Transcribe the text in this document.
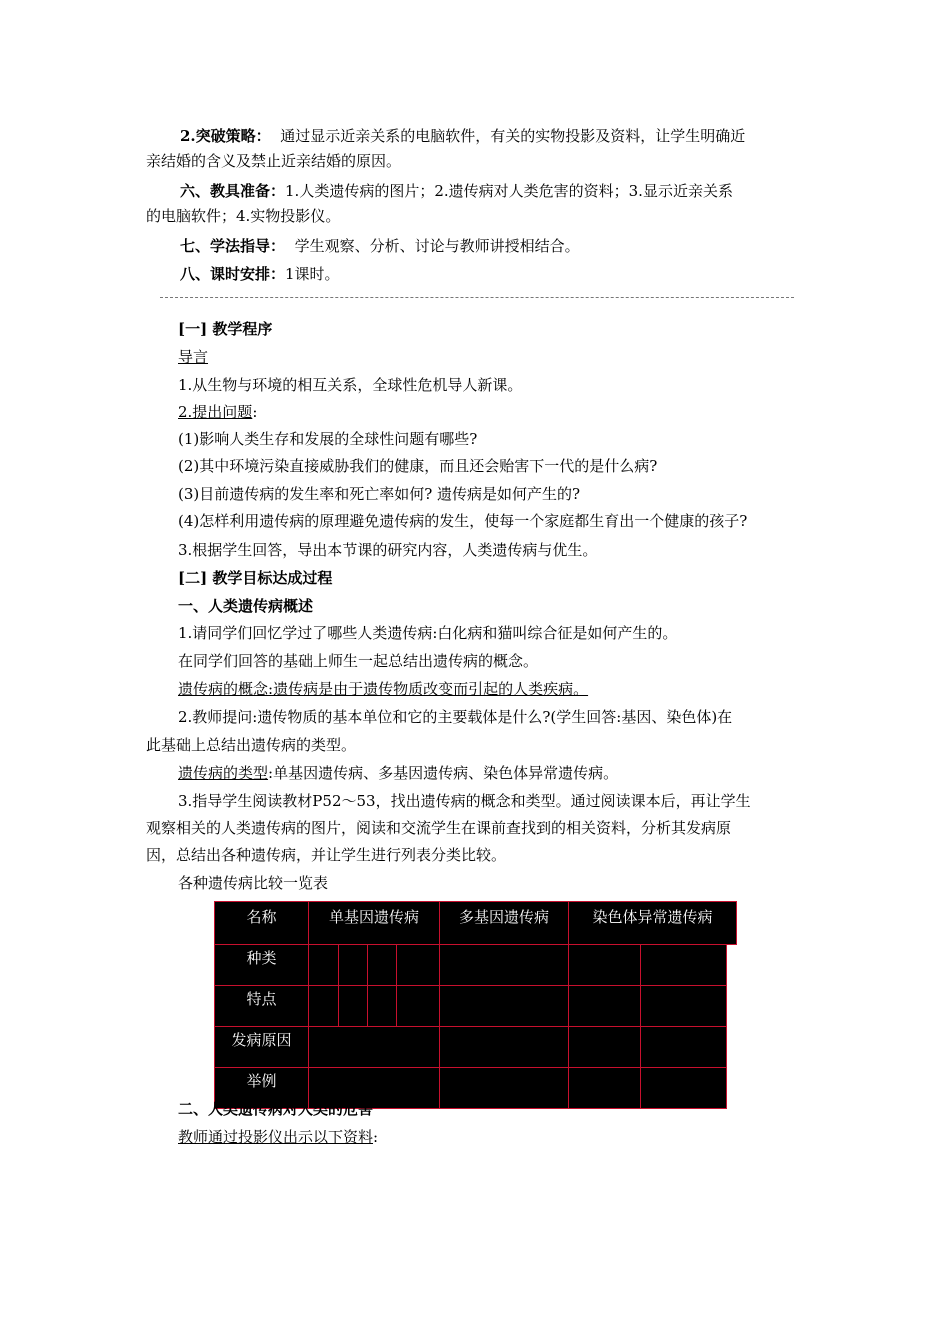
2.突破策略： 通过显示近亲关系的电脑软件，有关的实物投影及资料，让学生明确近
亲结婚的含义及禁止近亲结婚的原因。
六、教具准备：1.人类遗传病的图片；2.遗传病对人类危害的资料；3.显示近亲关系
的电脑软件；4.实物投影仪。
七、学法指导： 学生观察、分析、讨论与教师讲授相结合。
八、课时安排：1课时。
[一] 教学程序
导言
1.从生物与环境的相互关系，全球性危机导人新课。
2.提出问题:
(1)影响人类生存和发展的全球性问题有哪些?
(2)其中环境污染直接威胁我们的健康，而且还会贻害下一代的是什么病?
(3)目前遗传病的发生率和死亡率如何? 遗传病是如何产生的?
(4)怎样利用遗传病的原理避免遗传病的发生，使每一个家庭都生育出一个健康的孩子?
3.根据学生回答，导出本节课的研究内容，人类遗传病与优生。
[二] 教学目标达成过程
一、人类遗传病概述
1.请同学们回忆学过了哪些人类遗传病:白化病和猫叫综合征是如何产生的。
在同学们回答的基础上师生一起总结出遗传病的概念。
遗传病的概念:遗传病是由于遗传物质改变而引起的人类疾病。
2.教师提问:遗传物质的基本单位和它的主要载体是什么?(学生回答:基因、染色体)在
此基础上总结出遗传病的类型。
遗传病的类型:单基因遗传病、多基因遗传病、染色体异常遗传病。
3.指导学生阅读教材P52～53，找出遗传病的概念和类型。通过阅读课本后，再让学生
观察相关的人类遗传病的图片，阅读和交流学生在课前查找到的相关资料，分析其发病原
因，总结出各种遗传病，并让学生进行列表分类比较。
各种遗传病比较一览表
名称	单基因遗传病				多基因遗传病	染色体异常遗传病		
种类								
特点								
发病原因								
举例								
二、人类遗传病对人类的危害
教师通过投影仪出示以下资料:
